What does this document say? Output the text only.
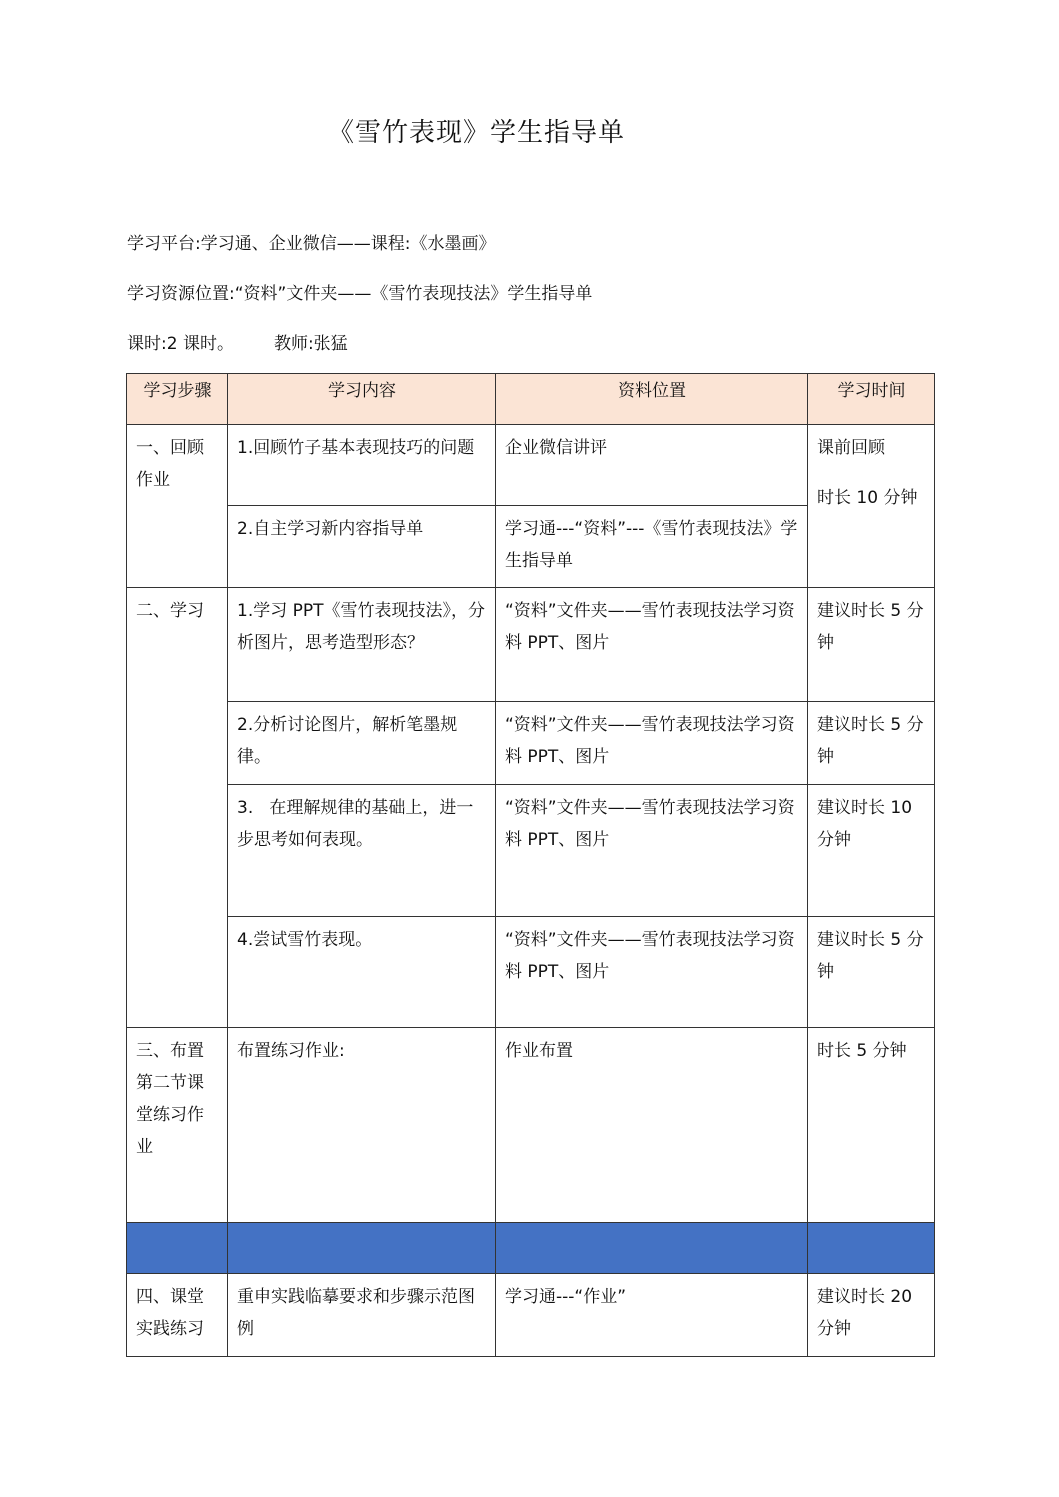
《雪竹表现》学生指导单
学习平台:学习通、企业微信——课程:《水墨画》
学习资源位置:“资料”文件夹——《雪竹表现技法》学生指导单
课时:2 课时。 教师:张猛
学习步骤	学习内容	资料位置	学习时间
一、回顾作业	1.回顾竹子基本表现技巧的问题	企业微信讲评	课前回顾
时长 10 分钟

	2.自主学习新内容指导单	学习通---“资料”---《雪竹表现技法》学生指导单	
二、学习	1.学习 PPT《雪竹表现技法》，分析图片，思考造型形态？	“资料”文件夹——雪竹表现技法学习资料 PPT、图片	建议时长 5 分钟
	2.分析讨论图片，解析笔墨规律。	“资料”文件夹——雪竹表现技法学习资料 PPT、图片	建议时长 5 分钟
	3.   在理解规律的基础上，进一步思考如何表现。	“资料”文件夹——雪竹表现技法学习资料 PPT、图片	建议时长 10 分钟
	4.尝试雪竹表现。	“资料”文件夹——雪竹表现技法学习资料 PPT、图片	建议时长 5 分钟
三、布置第二节课堂练习作业	布置练习作业:	作业布置	时长 5 分钟

四、课堂实践练习	重申实践临摹要求和步骤示范图例	学习通---“作业”	建议时长 20 分钟
